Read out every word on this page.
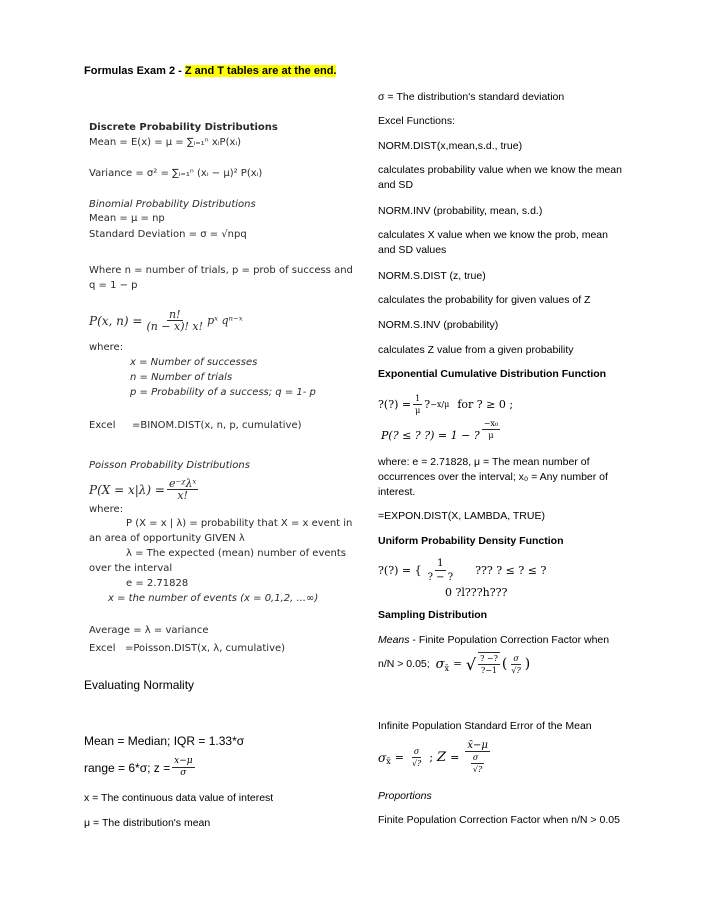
Formulas Exam 2 - Z and T tables are at the end.
Discrete Probability Distributions
Mean = E(x) = μ = ∑ᵢ₌₁ⁿ xᵢP(xᵢ)
Variance = σ² = ∑ᵢ₌₁ⁿ (xᵢ − μ)² P(xᵢ)
Binomial Probability Distributions
Mean = μ = np
Standard Deviation = σ = √npq
Where n = number of trials, p = prob of success and
q = 1 − p
P(x, $n) = \frac{n!}{(n - x)! x!}$ pˣ qⁿ⁻ˣ
where:
x = Number of successes
n = Number of trials
p = Probability of a success; q = 1- p
Excel =BINOM.DIST(x, n, p, cumulative)
Poisson Probability Distributions
$P(X = x|\lambda) = \frac{\text{e⁻ᵡλˣ}}{x!}$
where:
P (X = x | λ) = probability that X = x event in
an area of opportunity GIVEN λ
λ = The expected (mean) number of events
over the interval
e = 2.71828
x = the number of events (x = 0,1,2, ...∞)
Average = λ = variance
Excel =Poisson.DIST(x, λ, cumulative)
Evaluating Normality
Mean = Median; IQR = 1.33*σ
range = 6*σ; $z = \frac{x-\mu}{\sigma}$
x = The continuous data value of interest
μ = The distribution's mean
σ = The distribution's standard deviation
Excel Functions:
NORM.DIST(x,mean,s.d., true)
calculates probability value when we know the mean and SD
NORM.INV (probability, mean, s.d.)
calculates X value when we know the prob, mean and SD values
NORM.S.DIST (z, true)
calculates the probability for given values of Z
NORM.S.INV (probability)
calculates Z value from a given probability
Exponential Cumulative Distribution Function
?(?) = $\frac{1}{\mu}$ ? −x/μ for ? ≥ 0 ;
P(? ≤ ? ?) = 1 − ? $\frac{\text{−x₀}}{\mu}$
where: e = 2.71828, μ = The mean number of occurrences over the interval; x₀ = Any number of interest.
=EXPON.DIST(X, LAMBDA, TRUE)
Uniform Probability Density Function
?(?) = { $\frac{1}{? - ?}$ ??? ? ≤ ? ≤ ?
0 ?l???h???
Sampling Distribution
Means - Finite Population Correction Factor when
n/N > 0.05; σ x̄ = √ $\frac{? -?}{?-1}$ ( $\frac{\sigma}{√?}$ )
Infinite Population Standard Error of the Mean
σ x̄ = $\frac{\sigma}{√?}$ ; $Z = \frac{x̄-\mu}{\frac{\sigma}{√?}}$
Proportions
Finite Population Correction Factor when n/N > 0.05
